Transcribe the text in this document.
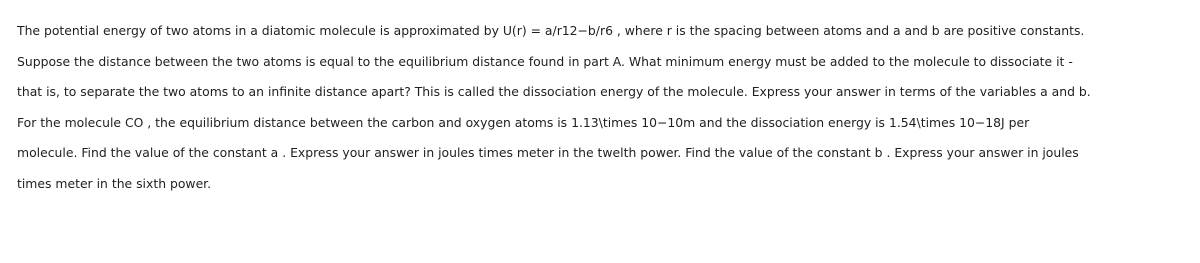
The potential energy of two atoms in a diatomic molecule is approximated by U(r) = a/r12−b/r6 , where r is the spacing between atoms and a and b are positive constants.
Suppose the distance between the two atoms is equal to the equilibrium distance found in part A. What minimum energy must be added to the molecule to dissociate it -
that is, to separate the two atoms to an infinite distance apart? This is called the dissociation energy of the molecule. Express your answer in terms of the variables a and b.
For the molecule CO , the equilibrium distance between the carbon and oxygen atoms is 1.13\times 10−10m and the dissociation energy is 1.54\times 10−18J per
molecule. Find the value of the constant a . Express your answer in joules times meter in the twelth power. Find the value of the constant b . Express your answer in joules
times meter in the sixth power.
